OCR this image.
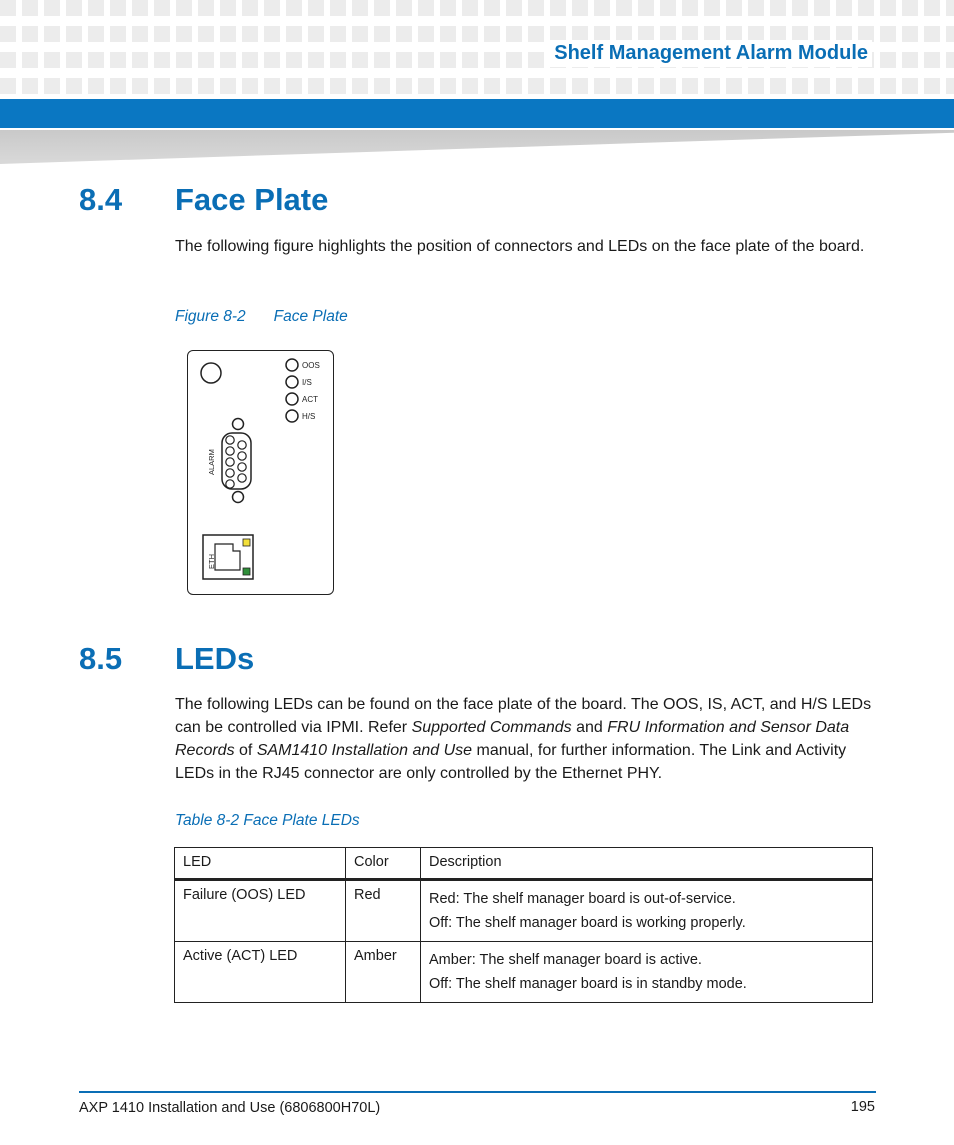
Shelf Management Alarm Module
8.4 Face Plate
The following figure highlights the position of connectors and LEDs on the face plate of the board.
Figure 8-2 Face Plate
OOS
I/S
ACT
H/S
ALARM
ETH
8.5 LEDs
The following LEDs can be found on the face plate of the board. The OOS, IS, ACT, and H/S LEDs can be controlled via IPMI. Refer Supported Commands and FRU Information and Sensor Data Records of SAM1410 Installation and Use manual, for further information. The Link and Activity LEDs in the RJ45 connector are only controlled by the Ethernet PHY.
Table 8-2 Face Plate LEDs
LED	Color	Description
Failure (OOS) LED	Red	Red: The shelf manager board is out-of-service.
Off: The shelf manager board is working properly.

Active (ACT) LED	Amber	Amber: The shelf manager board is active.
Off: The shelf manager board is in standby mode.
AXP 1410 Installation and Use (6806800H70L)	195
